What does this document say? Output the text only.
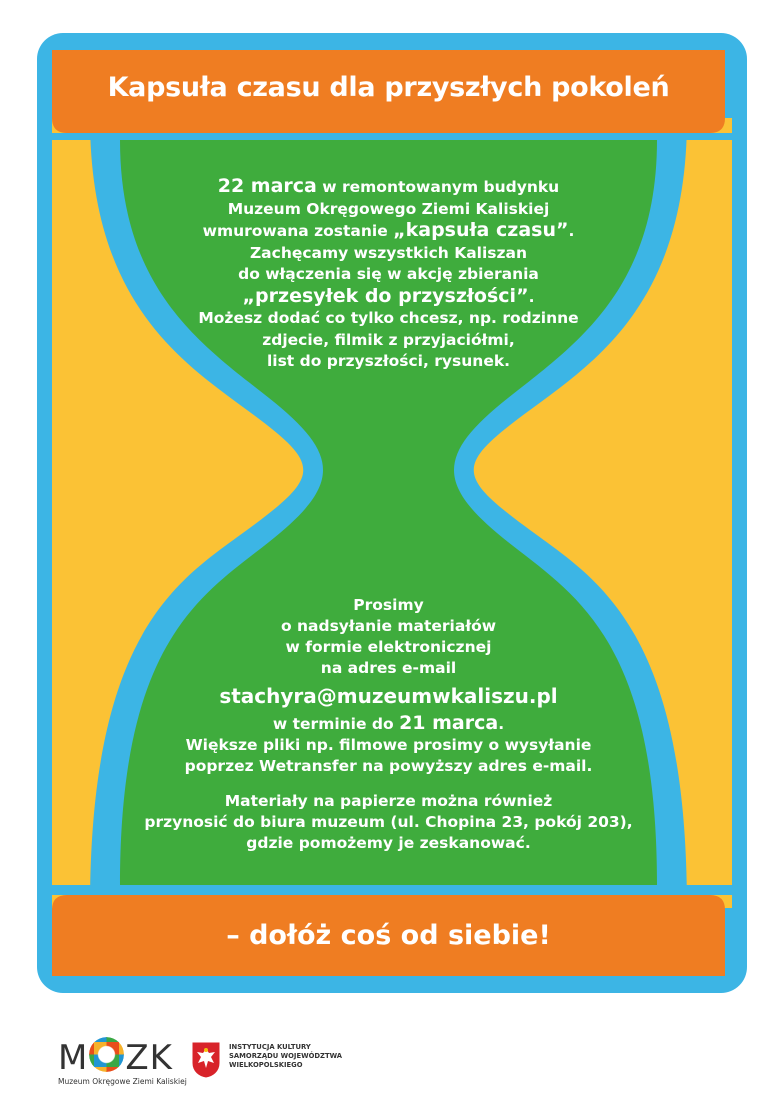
Kapsuła czasu dla przyszłych pokoleń
22 marca w remontowanym budynku
Muzeum Okręgowego Ziemi Kaliskiej
wmurowana zostanie „kapsuła czasu”.
Zachęcamy wszystkich Kaliszan
do włączenia się w akcję zbierania
„przesyłek do przyszłości”.
Możesz dodać co tylko chcesz, np. rodzinne
zdjecie, filmik z przyjaciółmi,
list do przyszłości, rysunek.
Prosimy
o nadsyłanie materiałów
w formie elektronicznej
na adres e-mail
stachyra@muzeumwkaliszu.pl
w terminie do 21 marca.
Większe pliki np. filmowe prosimy o wysyłanie
poprzez Wetransfer na powyższy adres e-mail.
Materiały na papierze można również
przynosić do biura muzeum (ul. Chopina 23, pokój 203),
gdzie pomożemy je zeskanować.
– dołóż coś od siebie!
M ZK
Muzeum Okręgowe Ziemi Kaliskiej
INSTYTUCJA KULTURY
SAMORZĄDU WOJEWÓDZTWA
WIELKOPOLSKIEGO
